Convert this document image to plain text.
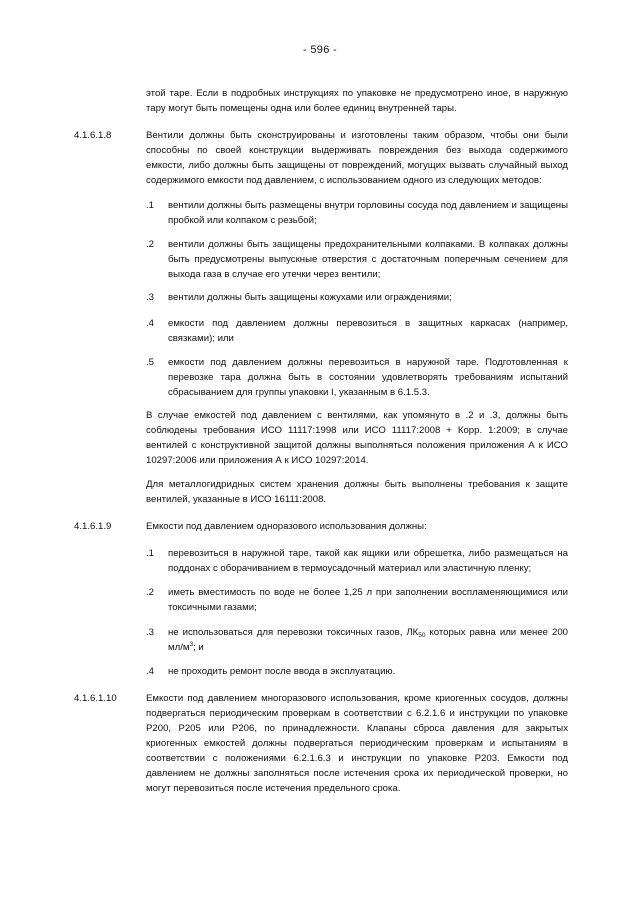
- 596 -

этой таре. Если в подробных инструкциях по упаковке не предусмотрено иное, в наружную тару могут быть помещены одна или более единиц внутренней тары.

4.1.6.1.8	Вентили должны быть сконструированы и изготовлены таким образом, чтобы они были способны по своей конструкции выдерживать повреждения без выхода содержимого емкости, либо должны быть защищены от повреждений, могущих вызвать случайный выход содержимого емкости под давлением, с использованием одного из следующих методов:

.1 вентили должны быть размещены внутри горловины сосуда под давлением и защищены пробкой или колпаком с резьбой;

.2 вентили должны быть защищены предохранительными колпаками. В колпаках должны быть предусмотрены выпускные отверстия с достаточным поперечным сечением для выхода газа в случае его утечки через вентили;

.3 вентили должны быть защищены кожухами или ограждениями;

.4 емкости под давлением должны перевозиться в защитных каркасах (например, связками); или

.5 емкости под давлением должны перевозиться в наружной таре. Подготовленная к перевозке тара должна быть в состоянии удовлетворять требованиям испытаний сбрасыванием для группы упаковки I, указанным в 6.1.5.3.

В случае емкостей под давлением с вентилями, как упомянуто в .2 и .3, должны быть соблюдены требования ИСО 11117:1998 или ИСО 11117:2008 + Корр. 1:2009; в случае вентилей с конструктивной защитой должны выполняться положения приложения А к ИСО 10297:2006 или приложения А к ИСО 10297:2014.

Для металлогидридных систем хранения должны быть выполнены требования к защите вентилей, указанные в ИСО 16111:2008.

4.1.6.1.9	Емкости под давлением одноразового использования должны:

.1 перевозиться в наружной таре, такой как ящики или обрешетка, либо размещаться на поддонах с оборачиванием в термоусадочный материал или эластичную пленку;

.2 иметь вместимость по воде не более 1,25 л при заполнении воспламеняющимися или токсичными газами;

.3 не использоваться для перевозки токсичных газов, $ЛК_{50}$ которых равна или менее 200 $мл/м^3$; и

.4 не проходить ремонт после ввода в эксплуатацию.

4.1.6.1.10	Емкости под давлением многоразового использования, кроме криогенных сосудов, должны подвергаться периодическим проверкам в соответствии с 6.2.1.6 и инструкции по упаковке Р200, Р205 или Р206, по принадлежности. Клапаны сброса давления для закрытых криогенных емкостей должны подвергаться периодическим проверкам и испытаниям в соответствии с положениями 6.2.1.6.3 и инструкции по упаковке Р203. Емкости под давлением не должны заполняться после истечения срока их периодической проверки, но могут перевозиться после истечения предельного срока.
